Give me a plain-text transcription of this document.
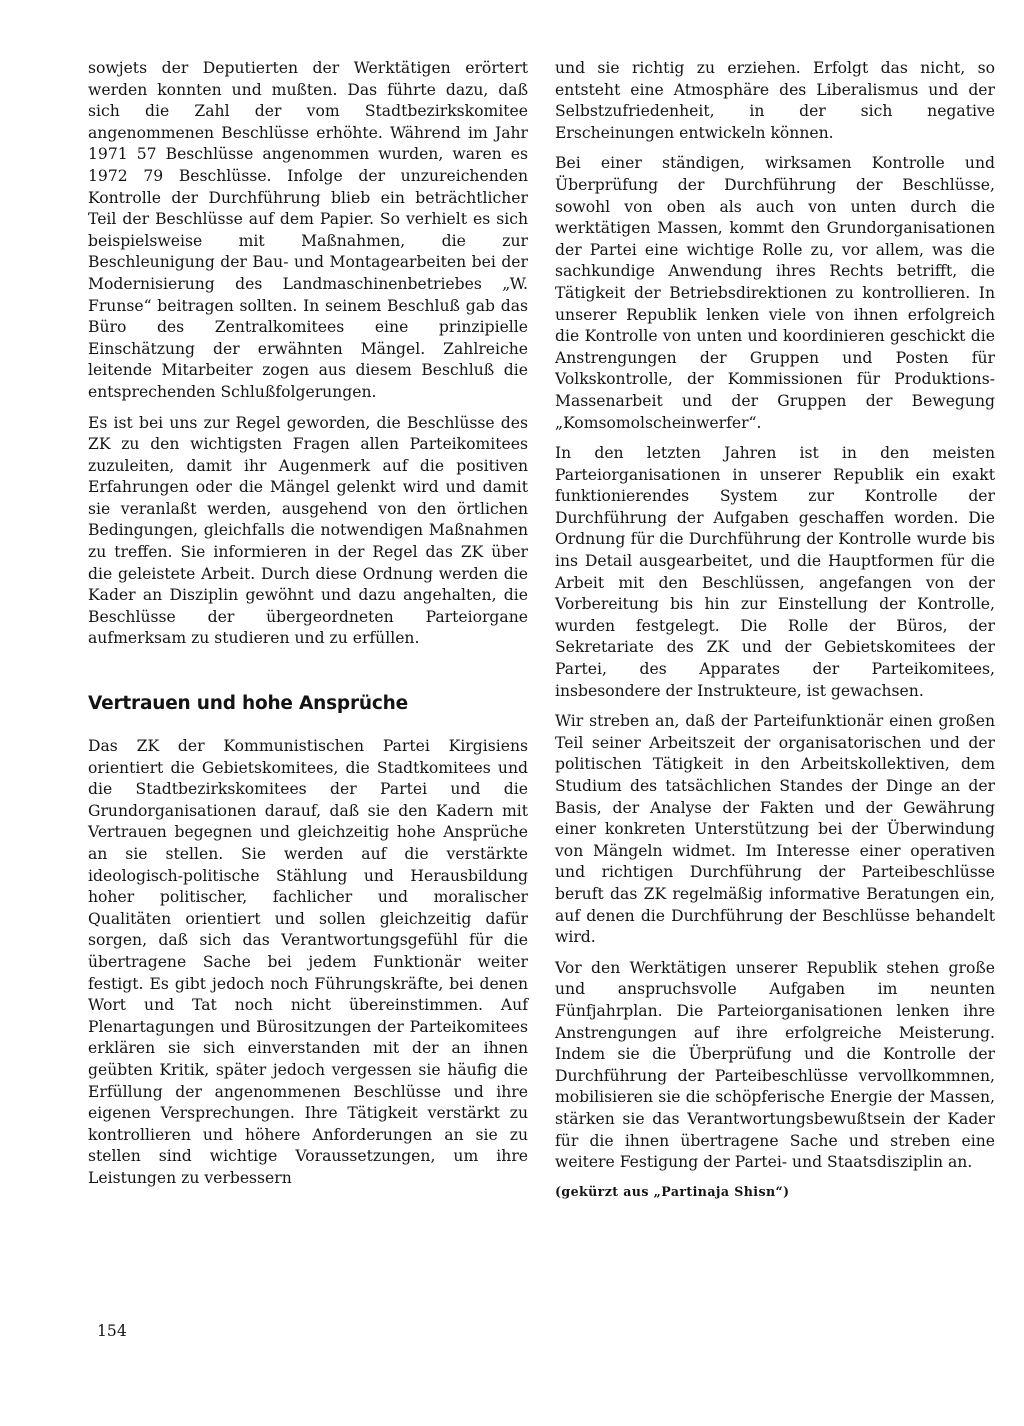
sowjets der Deputierten der Werktätigen erörtert werden konnten und mußten. Das führte dazu, daß sich die Zahl der vom Stadtbezirkskomitee angenommenen Beschlüsse erhöhte. Während im Jahr 1971 57 Beschlüsse angenommen wurden, waren es 1972 79 Beschlüsse. Infolge der unzureichenden Kontrolle der Durchführung blieb ein beträchtlicher Teil der Beschlüsse auf dem Papier. So verhielt es sich beispielsweise mit Maßnahmen, die zur Beschleunigung der Bau- und Montagearbeiten bei der Modernisierung des Landmaschinenbetriebes „W. Frunse“ beitragen sollten. In seinem Beschluß gab das Büro des Zentralkomitees eine prinzipielle Einschätzung der erwähnten Mängel. Zahlreiche leitende Mitarbeiter zogen aus diesem Beschluß die entsprechenden Schlußfolgerungen.

Es ist bei uns zur Regel geworden, die Beschlüsse des ZK zu den wichtigsten Fragen allen Parteikomitees zuzuleiten, damit ihr Augenmerk auf die positiven Erfahrungen oder die Mängel gelenkt wird und damit sie veranlaßt werden, ausgehend von den örtlichen Bedingungen, gleichfalls die notwendigen Maßnahmen zu treffen. Sie informieren in der Regel das ZK über die geleistete Arbeit. Durch diese Ordnung werden die Kader an Disziplin gewöhnt und dazu angehalten, die Beschlüsse der übergeordneten Parteiorgane aufmerksam zu studieren und zu erfüllen.

Vertrauen und hohe Ansprüche

Das ZK der Kommunistischen Partei Kirgisiens orientiert die Gebietskomitees, die Stadtkomitees und die Stadtbezirkskomitees der Partei und die Grundorganisationen darauf, daß sie den Kadern mit Vertrauen begegnen und gleichzeitig hohe Ansprüche an sie stellen. Sie werden auf die verstärkte ideologisch-politische Stählung und Herausbildung hoher politischer, fachlicher und moralischer Qualitäten orientiert und sollen gleichzeitig dafür sorgen, daß sich das Verantwortungsgefühl für die übertragene Sache bei jedem Funktionär weiter festigt. Es gibt jedoch noch Führungskräfte, bei denen Wort und Tat noch nicht übereinstimmen. Auf Plenartagungen und Bürositzungen der Parteikomitees erklären sie sich einverstanden mit der an ihnen geübten Kritik, später jedoch vergessen sie häufig die Erfüllung der angenommenen Beschlüsse und ihre eigenen Versprechungen. Ihre Tätigkeit verstärkt zu kontrollieren und höhere Anforderungen an sie zu stellen sind wichtige Voraussetzungen, um ihre Leistungen zu verbessern

und sie richtig zu erziehen. Erfolgt das nicht, so entsteht eine Atmosphäre des Liberalismus und der Selbstzufriedenheit, in der sich negative Erscheinungen entwickeln können.

Bei einer ständigen, wirksamen Kontrolle und Überprüfung der Durchführung der Beschlüsse, sowohl von oben als auch von unten durch die werktätigen Massen, kommt den Grundorganisationen der Partei eine wichtige Rolle zu, vor allem, was die sachkundige Anwendung ihres Rechts betrifft, die Tätigkeit der Betriebsdirektionen zu kontrollieren. In unserer Republik lenken viele von ihnen erfolgreich die Kontrolle von unten und koordinieren geschickt die Anstrengungen der Gruppen und Posten für Volkskontrolle, der Kommissionen für Produktions-Massenarbeit und der Gruppen der Bewegung „Komsomolscheinwerfer“.

In den letzten Jahren ist in den meisten Parteiorganisationen in unserer Republik ein exakt funktionierendes System zur Kontrolle der Durchführung der Aufgaben geschaffen worden. Die Ordnung für die Durchführung der Kontrolle wurde bis ins Detail ausgearbeitet, und die Hauptformen für die Arbeit mit den Beschlüssen, angefangen von der Vorbereitung bis hin zur Einstellung der Kontrolle, wurden festgelegt. Die Rolle der Büros, der Sekretariate des ZK und der Gebietskomitees der Partei, des Apparates der Parteikomitees, insbesondere der Instrukteure, ist gewachsen.

Wir streben an, daß der Parteifunktionär einen großen Teil seiner Arbeitszeit der organisatorischen und der politischen Tätigkeit in den Arbeitskollektiven, dem Studium des tatsächlichen Standes der Dinge an der Basis, der Analyse der Fakten und der Gewährung einer konkreten Unterstützung bei der Überwindung von Mängeln widmet. Im Interesse einer operativen und richtigen Durchführung der Parteibeschlüsse beruft das ZK regelmäßig informative Beratungen ein, auf denen die Durchführung der Beschlüsse behandelt wird.

Vor den Werktätigen unserer Republik stehen große und anspruchsvolle Aufgaben im neunten Fünfjahrplan. Die Parteiorganisationen lenken ihre Anstrengungen auf ihre erfolgreiche Meisterung. Indem sie die Überprüfung und die Kontrolle der Durchführung der Parteibeschlüsse vervollkommnen, mobilisieren sie die schöpferische Energie der Massen, stärken sie das Verantwortungsbewußtsein der Kader für die ihnen übertragene Sache und streben eine weitere Festigung der Partei- und Staatsdisziplin an.

(gekürzt aus „Partinaja Shisn“)

154
